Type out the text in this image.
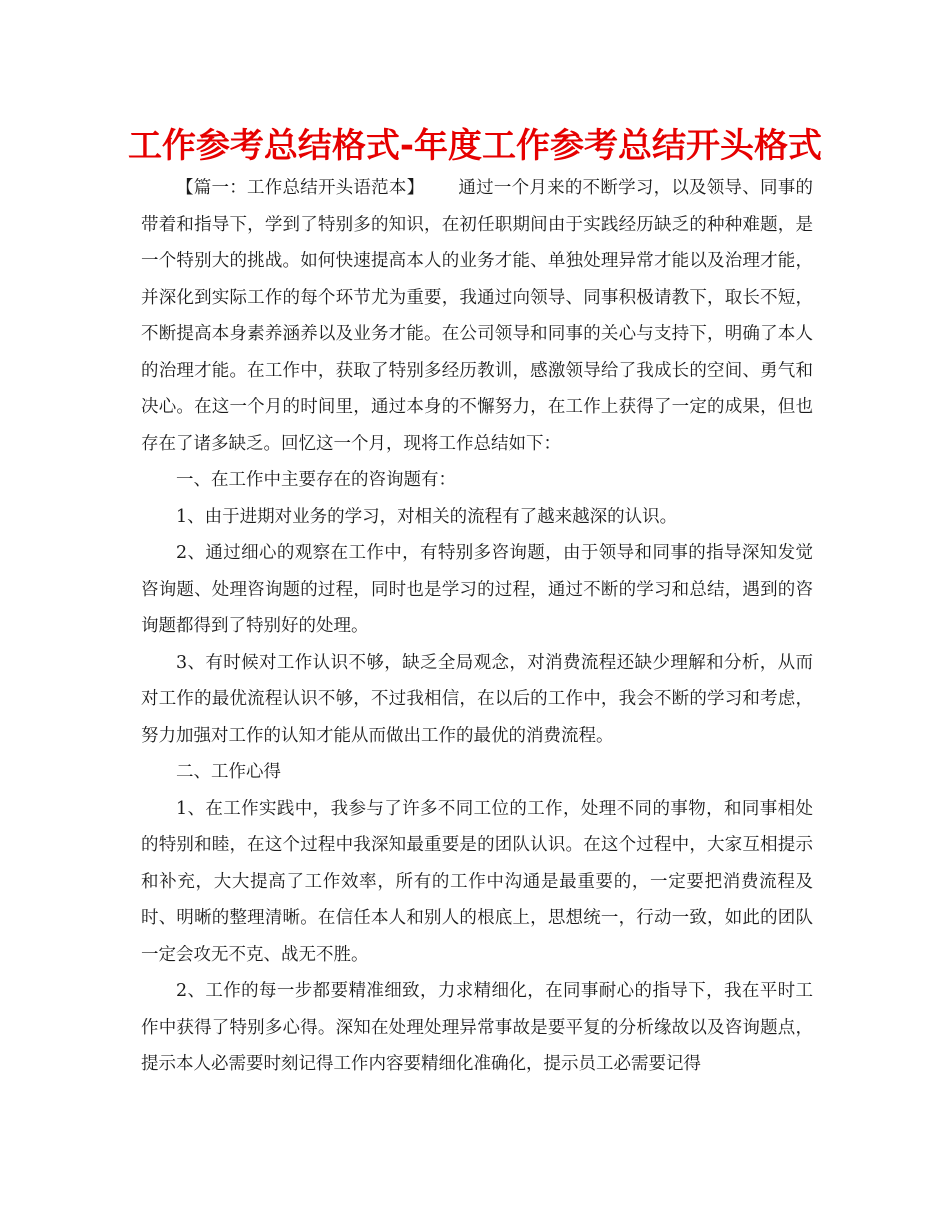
工作参考总结格式-年度工作参考总结开头格式

【篇一：工作总结开头语范本】 通过一个月来的不断学习，以及领导、同事的带着和指导下，学到了特别多的知识，在初任职期间由于实践经历缺乏的种种难题，是一个特别大的挑战。如何快速提高本人的业务才能、单独处理异常才能以及治理才能，并深化到实际工作的每个环节尤为重要，我通过向领导、同事积极请教下，取长不短，不断提高本身素养涵养以及业务才能。在公司领导和同事的关心与支持下，明确了本人的治理才能。在工作中，获取了特别多经历教训，感激领导给了我成长的空间、勇气和决心。在这一个月的时间里，通过本身的不懈努力，在工作上获得了一定的成果，但也存在了诸多缺乏。回忆这一个月，现将工作总结如下：

一、在工作中主要存在的咨询题有：

1、由于进期对业务的学习，对相关的流程有了越来越深的认识。

2、通过细心的观察在工作中，有特别多咨询题，由于领导和同事的指导深知发觉咨询题、处理咨询题的过程，同时也是学习的过程，通过不断的学习和总结，遇到的咨询题都得到了特别好的处理。

3、有时候对工作认识不够，缺乏全局观念，对消费流程还缺少理解和分析，从而对工作的最优流程认识不够，不过我相信，在以后的工作中，我会不断的学习和考虑，努力加强对工作的认知才能从而做出工作的最优的消费流程。

二、工作心得

1、在工作实践中，我参与了许多不同工位的工作，处理不同的事物，和同事相处的特别和睦，在这个过程中我深知最重要是的团队认识。在这个过程中，大家互相提示和补充，大大提高了工作效率，所有的工作中沟通是最重要的，一定要把消费流程及时、明晰的整理清晰。在信任本人和别人的根底上，思想统一，行动一致，如此的团队一定会攻无不克、战无不胜。

2、工作的每一步都要精准细致，力求精细化，在同事耐心的指导下，我在平时工作中获得了特别多心得。深知在处理处理异常事故是要平复的分析缘故以及咨询题点，提示本人必需要时刻记得工作内容要精细化准确化，提示员工必需要记得
